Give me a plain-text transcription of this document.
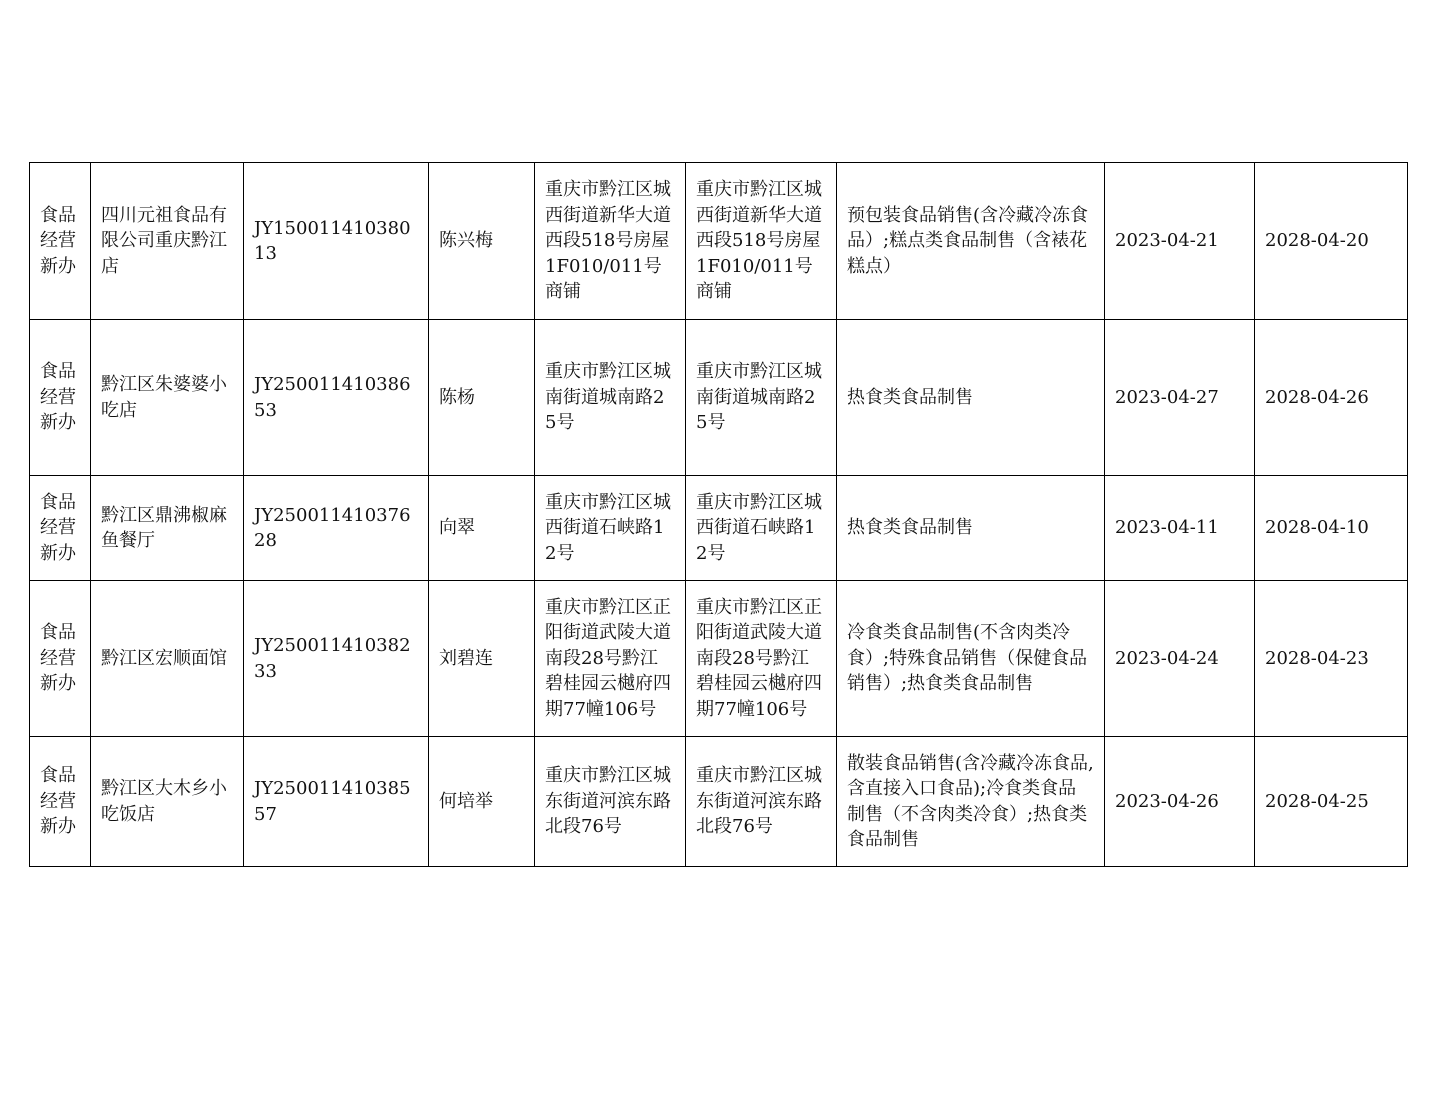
食品经营新办	四川元祖食品有限公司重庆黔江店	JY15001141038013	陈兴梅	重庆市黔江区城西街道新华大道西段518号房屋1F010/011号商铺	重庆市黔江区城西街道新华大道西段518号房屋1F010/011号商铺	预包装食品销售(含冷藏冷冻食品）;糕点类食品制售（含裱花糕点）	2023-04-21	2028-04-20
食品经营新办	黔江区朱婆婆小吃店	JY25001141038653	陈杨	重庆市黔江区城南街道城南路25号	重庆市黔江区城南街道城南路25号	热食类食品制售	2023-04-27	2028-04-26
食品经营新办	黔江区鼎沸椒麻鱼餐厅	JY25001141037628	向翠	重庆市黔江区城西街道石峡路12号	重庆市黔江区城西街道石峡路12号	热食类食品制售	2023-04-11	2028-04-10
食品经营新办	黔江区宏顺面馆	JY25001141038233	刘碧连	重庆市黔江区正阳街道武陵大道南段28号黔江碧桂园云樾府四期77幢106号	重庆市黔江区正阳街道武陵大道南段28号黔江碧桂园云樾府四期77幢106号	冷食类食品制售(不含肉类冷食）;特殊食品销售（保健食品销售）;热食类食品制售	2023-04-24	2028-04-23
食品经营新办	黔江区大木乡小吃饭店	JY25001141038557	何培举	重庆市黔江区城东街道河滨东路北段76号	重庆市黔江区城东街道河滨东路北段76号	散装食品销售(含冷藏冷冻食品,含直接入口食品);冷食类食品制售（不含肉类冷食）;热食类食品制售	2023-04-26	2028-04-25
